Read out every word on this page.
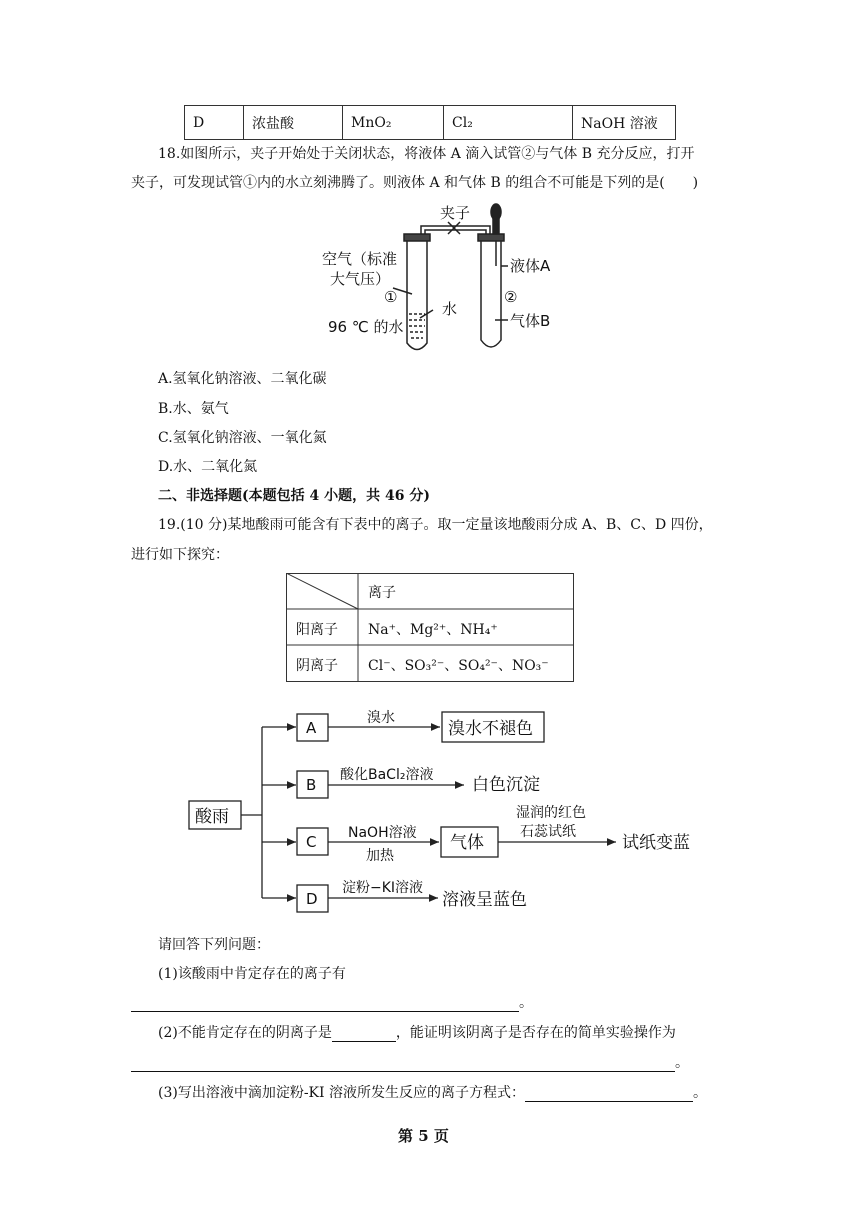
D	浓盐酸	MnO₂	Cl₂	NaOH 溶液
18.如图所示，夹子开始处于关闭状态，将液体 A 滴入试管②与气体 B 充分反应，打开
夹子，可发现试管①内的水立刻沸腾了。则液体 A 和气体 B 的组合不可能是下列的是(　　)
夹子
空气（标准
大气压）
①
水
96 ℃ 的水
液体A
②
气体B
A.氢氧化钠溶液、二氧化碳
B.水、氨气
C.氢氧化钠溶液、一氧化氮
D.水、二氧化氮
二、非选择题(本题包括 4 小题，共 46 分)
19.(10 分)某地酸雨可能含有下表中的离子。取一定量该地酸雨分成 A、B、C、D 四份，
进行如下探究：
离子
阳离子 Na⁺、Mg²⁺、NH₄⁺
阴离子 Cl⁻、SO₃²⁻、SO₄²⁻、NO₃⁻
酸雨
A
B
C
D
溴水
溴水不褪色
酸化BaCl₂溶液 白色沉淀
NaOH溶液
加热
气体
湿润的红色
石蕊试纸
试纸变蓝
淀粉−KI溶液
溶液呈蓝色
请回答下列问题：
(1)该酸雨中肯定存在的离子有
。
(2)不能肯定存在的阴离子是	，能证明该阴离子是否存在的简单实验操作为
。
(3)写出溶液中滴加淀粉-KI 溶液所发生反应的离子方程式：	。
第 5 页
